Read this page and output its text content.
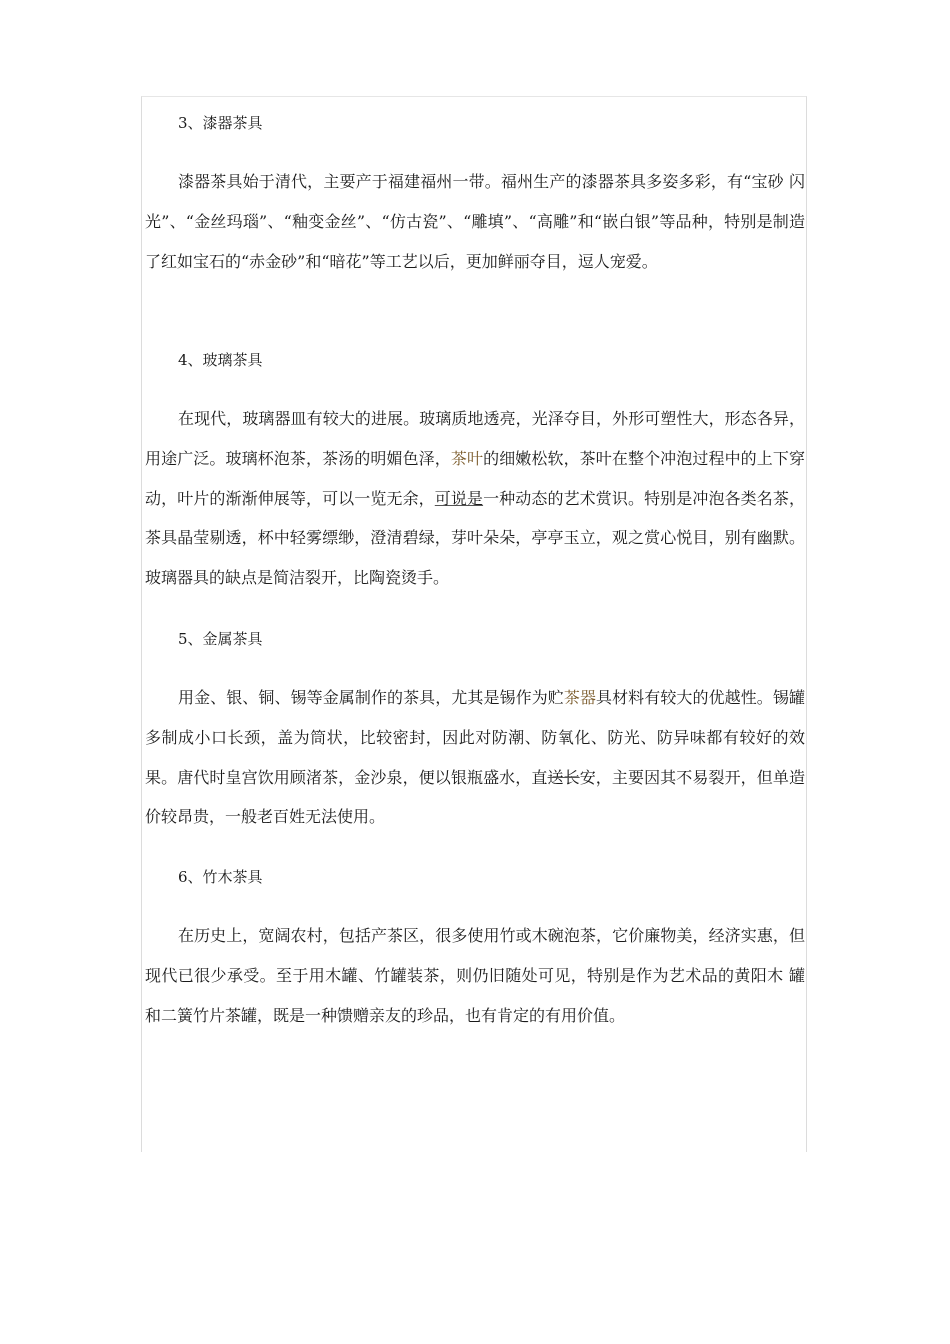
3、漆器茶具

漆器茶具始于清代，主要产于福建福州一带。福州生产的漆器茶具多姿多彩，有“宝砂 闪光”、“金丝玛瑙”、“釉变金丝”、“仿古瓷”、“雕填”、“高雕”和“嵌白银”等品种，特别是制造了红如宝石的“赤金砂”和“暗花”等工艺以后，更加鲜丽夺目，逗人宠爱。

4、玻璃茶具

在现代，玻璃器皿有较大的进展。玻璃质地透亮，光泽夺目，外形可塑性大，形态各异， 用途广泛。玻璃杯泡茶，茶汤的明媚色泽，茶叶的细嫩松软，茶叶在整个冲泡过程中的上下穿动，叶片的渐渐伸展等，可以一览无余，可说是一种动态的艺术赏识。特别是冲泡各类名茶，茶具晶莹剔透，杯中轻雾缥缈，澄清碧绿，芽叶朵朵，亭亭玉立，观之赏心悦目，别有幽默。玻璃器具的缺点是简洁裂开，比陶瓷烫手。

5、金属茶具

用金、银、铜、锡等金属制作的茶具，尤其是锡作为贮茶器具材料有较大的优越性。锡罐多制成小口长颈，盖为筒状，比较密封，因此对防潮、防氧化、防光、防异味都有较好的效果。唐代时皇宫饮用顾渚茶，金沙泉，便以银瓶盛水，直送长安，主要因其不易裂开，但单造价较昂贵，一般老百姓无法使用。

6、竹木茶具

在历史上，宽阔农村，包括产茶区，很多使用竹或木碗泡茶，它价廉物美，经济实惠，但现代已很少承受。至于用木罐、竹罐装茶，则仍旧随处可见，特别是作为艺术品的黄阳木 罐和二簧竹片茶罐，既是一种馈赠亲友的珍品，也有肯定的有用价值。
